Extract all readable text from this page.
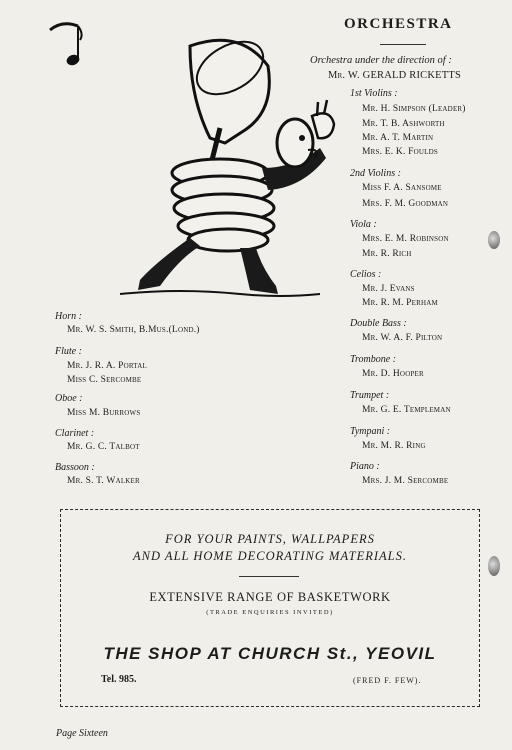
ORCHESTRA
Orchestra under the direction of :
Mr. W. GERALD RICKETTS
1st Violins :
Mr. H. Simpson (Leader)
Mr. T. B. Ashworth
Mr. A. T. Martin
Mrs. E. K. Foulds
2nd Violins :
Miss F. A. Sansome
Mrs. F. M. Goodman
Viola :
Mrs. E. M. Robinson
Mr. R. Rich
Celios :
Mr. J. Evans
Mr. R. M. Perham
Double Bass :
Mr. W. A. F. Pilton
Trombone :
Mr. D. Hooper
Trumpet :
Mr. G. E. Templeman
Tympani :
Mr. M. R. Ring
Piano :
Mrs. J. M. Sercombe
Horn :
Mr. W. S. Smith, B.Mus.(Lond.)
Flute :
Mr. J. R. A. Portal
Miss C. Sercombe
Oboe :
Miss M. Burrows
Clarinet :
Mr. G. C. Talbot
Bassoon :
Mr. S. T. Walker
FOR YOUR PAINTS, WALLPAPERS
AND ALL HOME DECORATING MATERIALS.
EXTENSIVE RANGE OF BASKETWORK
(TRADE ENQUIRIES INVITED)
THE SHOP AT CHURCH St., YEOVIL
Tel. 985.	(FRED F. FEW).
Page Sixteen
